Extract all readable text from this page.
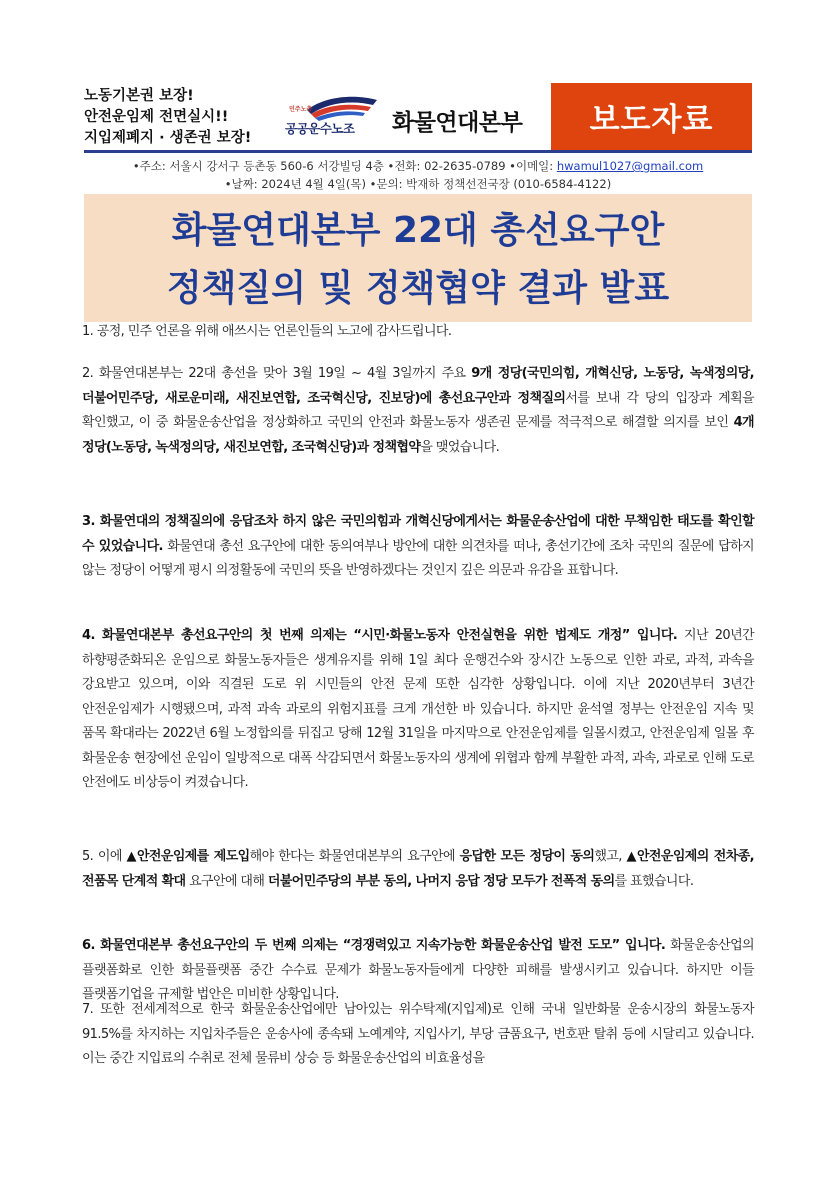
노동기본권 보장!
안전운임제 전면실시!!
지입제폐지 · 생존권 보장!
민주노총
공공운수노조 화물연대본부 보도자료
•주소: 서울시 강서구 등촌동 560-6 서강빌딩 4층 •전화: 02-2635-0789 •이메일: hwamul1027@gmail.com
•날짜: 2024년 4월 4일(목) •문의: 박재하 정책선전국장 (010-6584-4122)
화물연대본부 22대 총선요구안
정책질의 및 정책협약 결과 발표

1. 공정, 민주 언론을 위해 애쓰시는 언론인들의 노고에 감사드립니다.

2. 화물연대본부는 22대 총선을 맞아 3월 19일 ~ 4월 3일까지 주요 9개 정당(국민의힘, 개혁신당, 노동당, 녹색정의당, 더불어민주당, 새로운미래, 새진보연합, 조국혁신당, 진보당)에 총선요구안과 정책질의서를 보내 각 당의 입장과 계획을 확인했고, 이 중 화물운송산업을 정상화하고 국민의 안전과 화물노동자 생존권 문제를 적극적으로 해결할 의지를 보인 4개 정당(노동당, 녹색정의당, 새진보연합, 조국혁신당)과 정책협약을 맺었습니다.

3. 화물연대의 정책질의에 응답조차 하지 않은 국민의힘과 개혁신당에게서는 화물운송산업에 대한 무책임한 태도를 확인할 수 있었습니다. 화물연대 총선 요구안에 대한 동의여부나 방안에 대한 의견차를 떠나, 총선기간에 조차 국민의 질문에 답하지 않는 정당이 어떻게 평시 의정활동에 국민의 뜻을 반영하겠다는 것인지 깊은 의문과 유감을 표합니다.

4. 화물연대본부 총선요구안의 첫 번째 의제는 “시민·화물노동자 안전실현을 위한 법제도 개정” 입니다. 지난 20년간 하향평준화되온 운임으로 화물노동자들은 생계유지를 위해 1일 최다 운행건수와 장시간 노동으로 인한 과로, 과적, 과속을 강요받고 있으며, 이와 직결된 도로 위 시민들의 안전 문제 또한 심각한 상황입니다. 이에 지난 2020년부터 3년간 안전운임제가 시행됐으며, 과적 과속 과로의 위험지표를 크게 개선한 바 있습니다. 하지만 윤석열 정부는 안전운임 지속 및 품목 확대라는 2022년 6월 노정합의를 뒤집고 당해 12월 31일을 마지막으로 안전운임제를 일몰시켰고, 안전운임제 일몰 후 화물운송 현장에선 운임이 일방적으로 대폭 삭감되면서 화물노동자의 생계에 위협과 함께 부활한 과적, 과속, 과로로 인해 도로 안전에도 비상등이 켜졌습니다.

5. 이에 ▲안전운임제를 제도입해야 한다는 화물연대본부의 요구안에 응답한 모든 정당이 동의했고, ▲안전운임제의 전차종, 전품목 단계적 확대 요구안에 대해 더불어민주당의 부분 동의, 나머지 응답 정당 모두가 전폭적 동의를 표했습니다.

6. 화물연대본부 총선요구안의 두 번째 의제는 “경쟁력있고 지속가능한 화물운송산업 발전 도모” 입니다. 화물운송산업의 플랫폼화로 인한 화물플랫폼 중간 수수료 문제가 화물노동자들에게 다양한 피해를 발생시키고 있습니다. 하지만 이들 플랫폼기업을 규제할 법안은 미비한 상황입니다.

7. 또한 전세계적으로 한국 화물운송산업에만 남아있는 위수탁제(지입제)로 인해 국내 일반화물 운송시장의 화물노동자 91.5%를 차지하는 지입차주들은 운송사에 종속돼 노예계약, 지입사기, 부당 금품요구, 번호판 탈취 등에 시달리고 있습니다. 이는 중간 지입료의 수취로 전체 물류비 상승 등 화물운송산업의 비효율성을
